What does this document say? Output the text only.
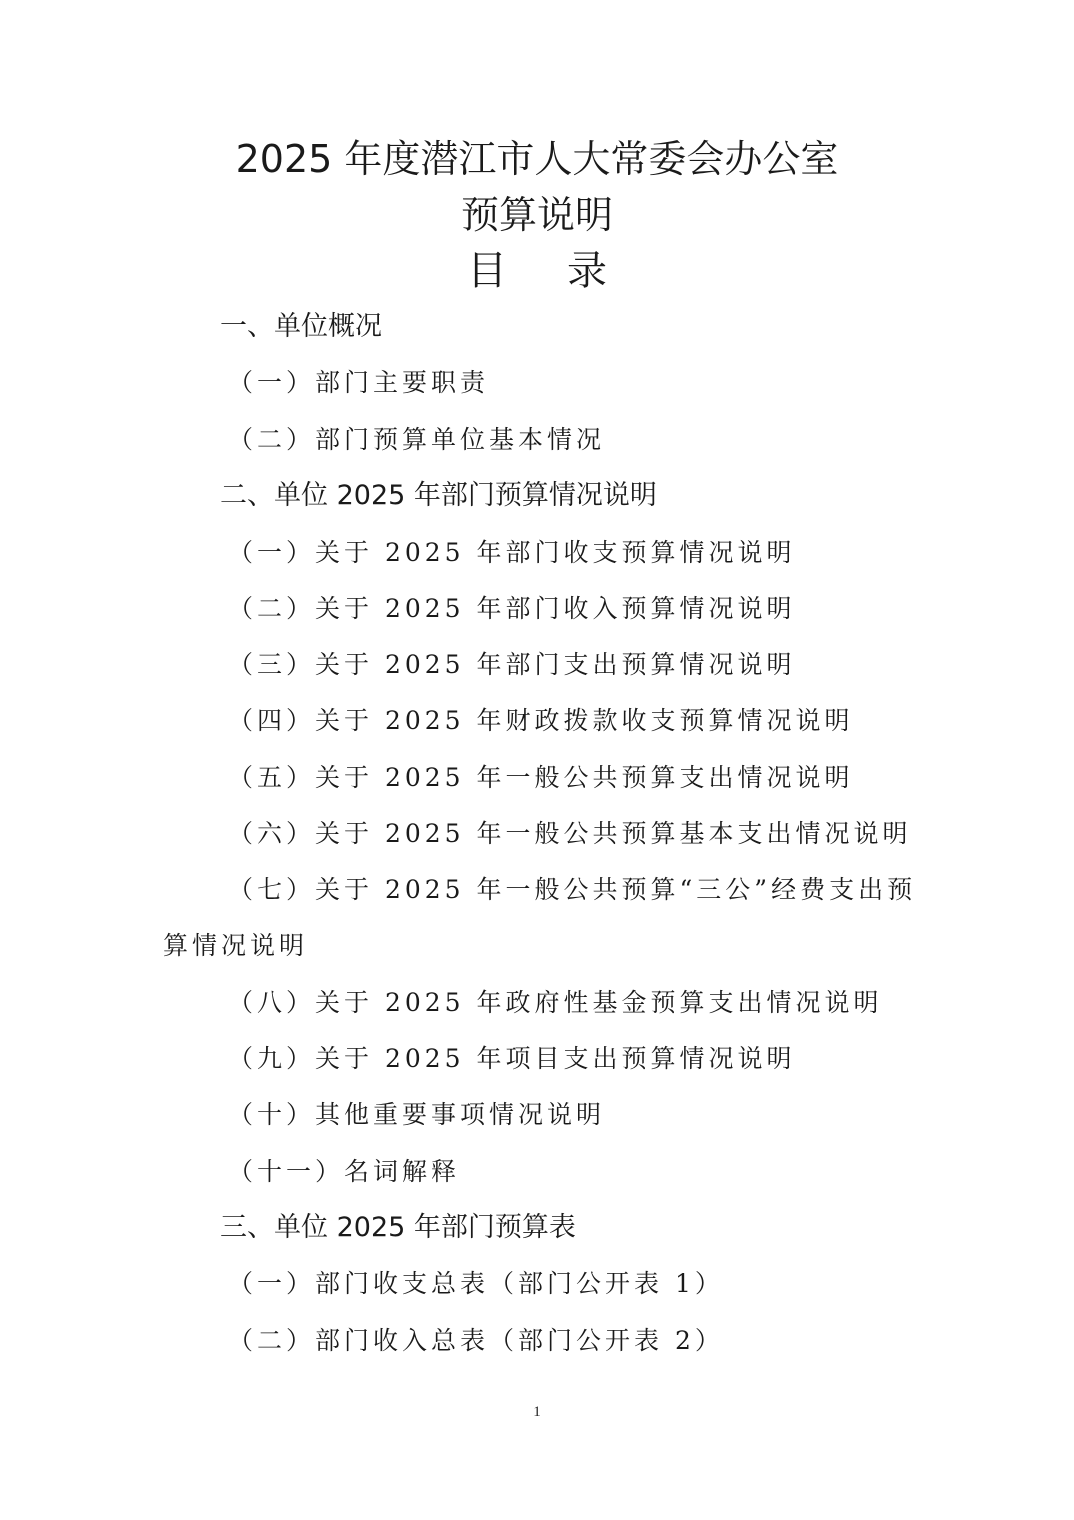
2025 年度潜江市人大常委会办公室
预算说明
目 录
一、单位概况
（一）部门主要职责
（二）部门预算单位基本情况
二、单位 2025 年部门预算情况说明
（一）关于 2025 年部门收支预算情况说明
（二）关于 2025 年部门收入预算情况说明
（三）关于 2025 年部门支出预算情况说明
（四）关于 2025 年财政拨款收支预算情况说明
（五）关于 2025 年一般公共预算支出情况说明
（六）关于 2025 年一般公共预算基本支出情况说明
（七）关于 2025 年一般公共预算“三公”经费支出预
算情况说明
（八）关于 2025 年政府性基金预算支出情况说明
（九）关于 2025 年项目支出预算情况说明
（十）其他重要事项情况说明
（十一）名词解释
三、单位 2025 年部门预算表
（一）部门收支总表（部门公开表 1）
（二）部门收入总表（部门公开表 2）
1
